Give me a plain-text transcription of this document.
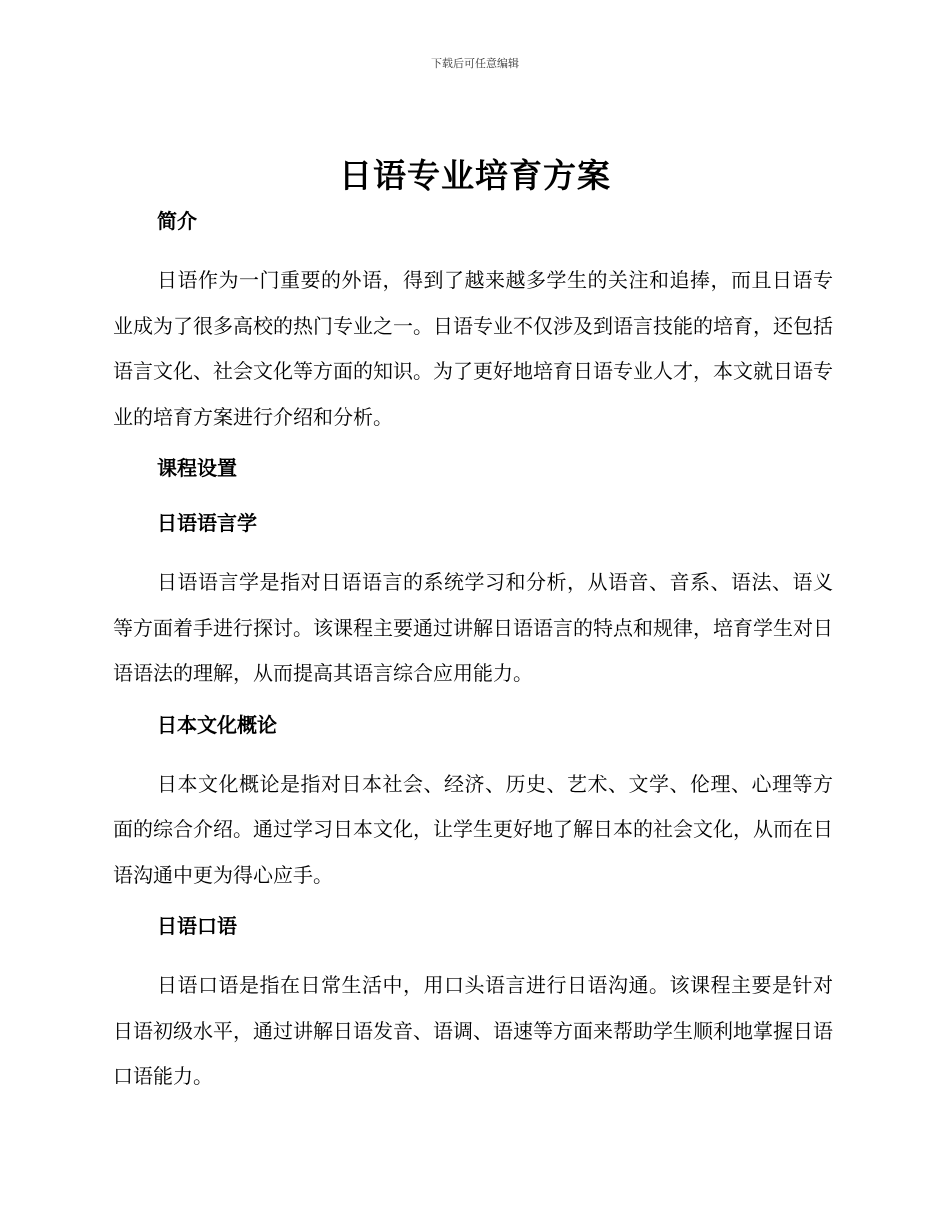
下载后可任意编辑
日语专业培育方案
简介

日语作为一门重要的外语，得到了越来越多学生的关注和追捧，而且日语专业成为了很多高校的热门专业之一。日语专业不仅涉及到语言技能的培育，还包括语言文化、社会文化等方面的知识。为了更好地培育日语专业人才，本文就日语专业的培育方案进行介绍和分析。

课程设置
日语语言学

日语语言学是指对日语语言的系统学习和分析，从语音、音系、语法、语义等方面着手进行探讨。该课程主要通过讲解日语语言的特点和规律，培育学生对日语语法的理解，从而提高其语言综合应用能力。

日本文化概论

日本文化概论是指对日本社会、经济、历史、艺术、文学、伦理、心理等方面的综合介绍。通过学习日本文化，让学生更好地了解日本的社会文化，从而在日语沟通中更为得心应手。

日语口语

日语口语是指在日常生活中，用口头语言进行日语沟通。该课程主要是针对日语初级水平，通过讲解日语发音、语调、语速等方面来帮助学生顺利地掌握日语口语能力。
